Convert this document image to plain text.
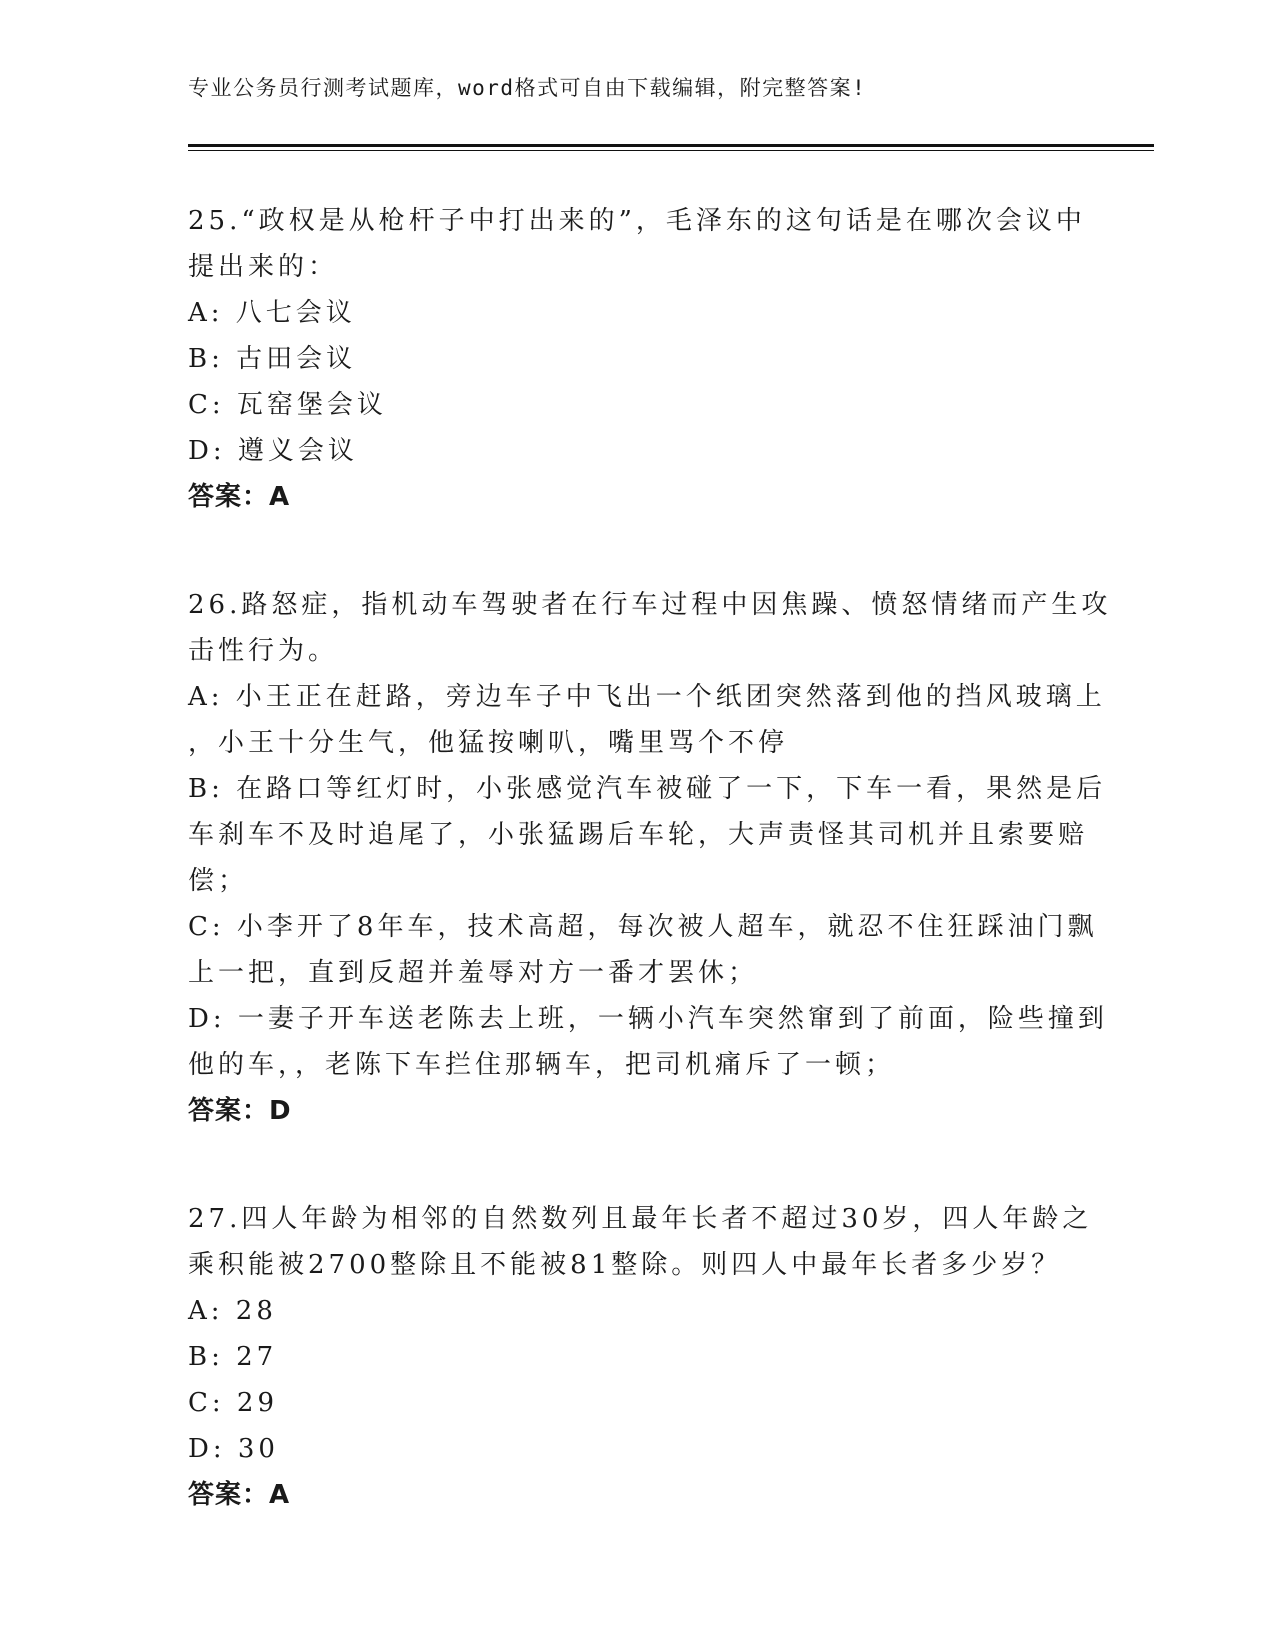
专业公务员行测考试题库，word格式可自由下载编辑，附完整答案!
25.“政权是从枪杆子中打出来的”，毛泽东的这句话是在哪次会议中
提出来的：
A: 八七会议
B: 古田会议
C: 瓦窑堡会议
D: 遵义会议
答案：A
26.路怒症，指机动车驾驶者在行车过程中因焦躁、愤怒情绪而产生攻
击性行为。
A: 小王正在赶路，旁边车子中飞出一个纸团突然落到他的挡风玻璃上
，小王十分生气，他猛按喇叭，嘴里骂个不停
B: 在路口等红灯时，小张感觉汽车被碰了一下，下车一看，果然是后
车刹车不及时追尾了，小张猛踢后车轮，大声责怪其司机并且索要赔
偿；
C: 小李开了8年车，技术高超，每次被人超车，就忍不住狂踩油门飘
上一把，直到反超并羞辱对方一番才罢休；
D: 一妻子开车送老陈去上班，一辆小汽车突然窜到了前面，险些撞到
他的车，，老陈下车拦住那辆车，把司机痛斥了一顿；
答案：D
27.四人年龄为相邻的自然数列且最年长者不超过30岁，四人年龄之
乘积能被2700整除且不能被81整除。则四人中最年长者多少岁？
A: 28
B: 27
C: 29
D: 30
答案：A
